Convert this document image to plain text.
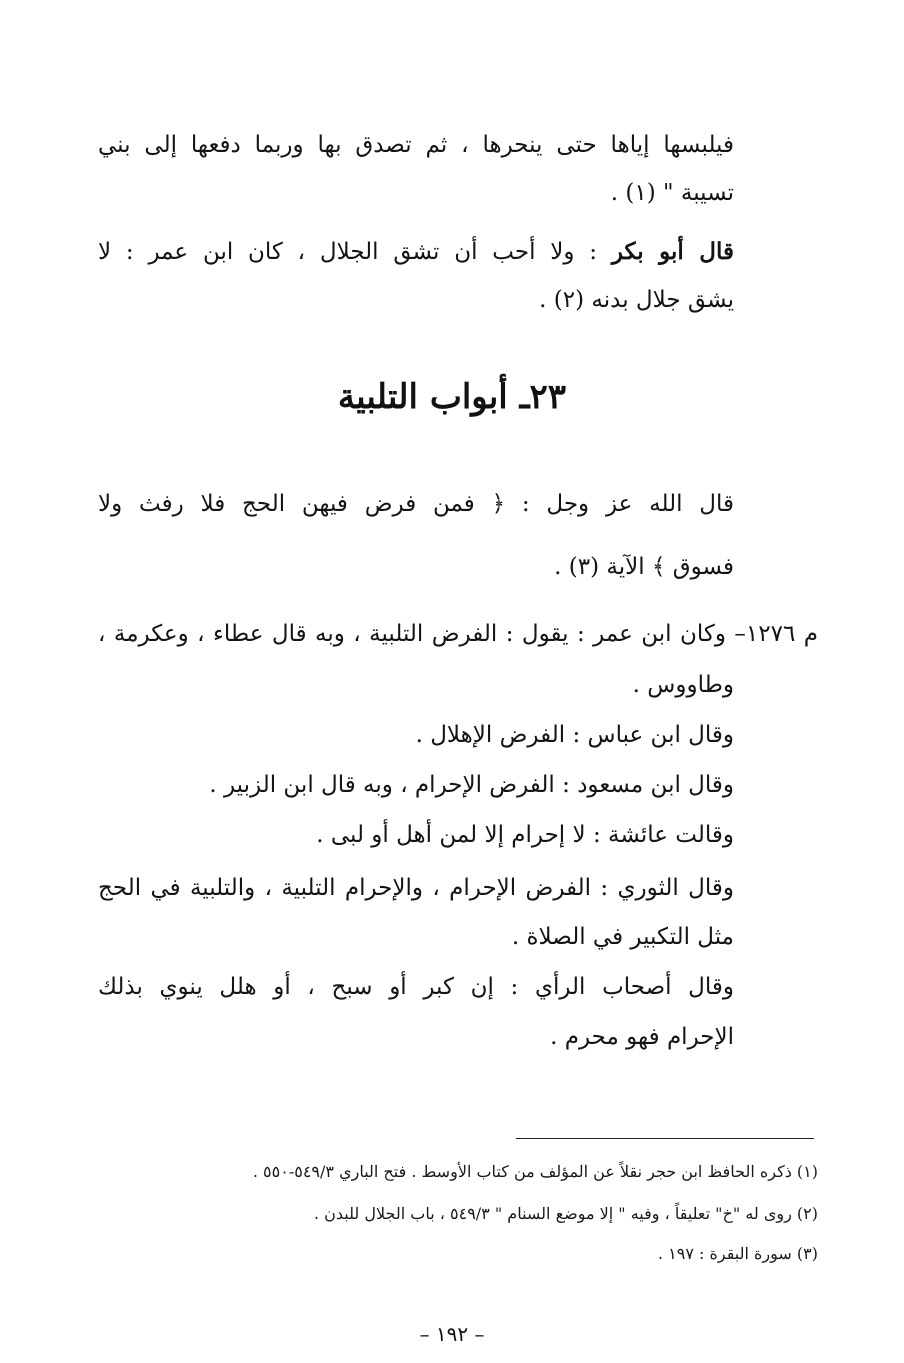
فيلبسها إياها حتى ينحرها ، ثم تصدق بها وربما دفعها إلى بني
تسيبة " (١) .
قال أبو بكر : ولا أحب أن تشق الجلال ، كان ابن عمر : لا
يشق جلال بدنه (٢) .
٢٣ـ أبواب التلبية
قال الله عز وجل : ﴿ فمن فرض فيهن الحج فلا رفث ولا
فسوق ﴾ الآية (٣) .
م ١٢٧٦– وكان ابن عمر : يقول : الفرض التلبية ، وبه قال عطاء ، وعكرمة ،
وطاووس .
وقال ابن عباس : الفرض الإهلال .
وقال ابن مسعود : الفرض الإحرام ، وبه قال ابن الزبير .
وقالت عائشة : لا إحرام إلا لمن أهل أو لبى .
وقال الثوري : الفرض الإحرام ، والإحرام التلبية ، والتلبية في الحج
مثل التكبير في الصلاة .
وقال أصحاب الرأي : إن كبر أو سبح ، أو هلل ينوي بذلك
الإحرام فهو محرم .
(١) ذكره الحافظ ابن حجر نقلاً عن المؤلف من كتاب الأوسط . فتح الباري ٥٤٩/٣-٥٥٠ .
(٢) روى له "خ" تعليقاً ، وفيه " إلا موضع السنام " ٥٤٩/٣ ، باب الجلال للبدن .
(٣) سورة البقرة : ١٩٧ .
– ١٩٢ –
